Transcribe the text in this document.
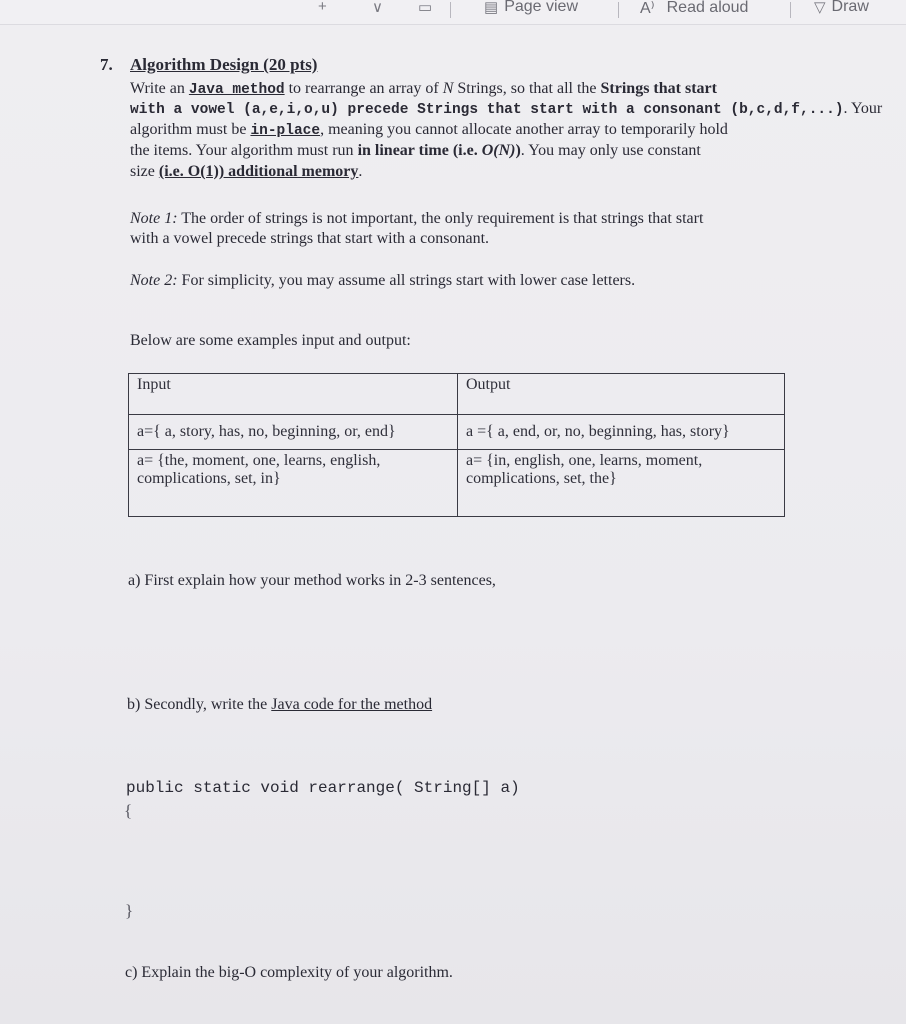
+	∨ ▭	▤ Page view	A⁾ Read aloud	▽ Draw
7. Algorithm Design (20 pts)
Write an Java method to rearrange an array of N Strings, so that all the Strings that start
with a vowel (a,e,i,o,u) precede Strings that start with a consonant (b,c,d,f,...). Your
algorithm must be in-place, meaning you cannot allocate another array to temporarily hold
the items. Your algorithm must run in linear time (i.e. O(N)). You may only use constant
size (i.e. O(1)) additional memory.
Note 1: The order of strings is not important, the only requirement is that strings that start
with a vowel precede strings that start with a consonant.
Note 2: For simplicity, you may assume all strings start with lower case letters.
Below are some examples input and output:
Input	Output
a={ a, story, has, no, beginning, or, end}	a ={ a, end, or, no, beginning, has, story}
a= {the, moment, one, learns, english, complications, set, in}	a= {in, english, one, learns, moment, complications, set, the}
a) First explain how your method works in 2-3 sentences,
b) Secondly, write the Java code for the method
public static void rearrange( String[] a)
{
}
c) Explain the big-O complexity of your algorithm.
